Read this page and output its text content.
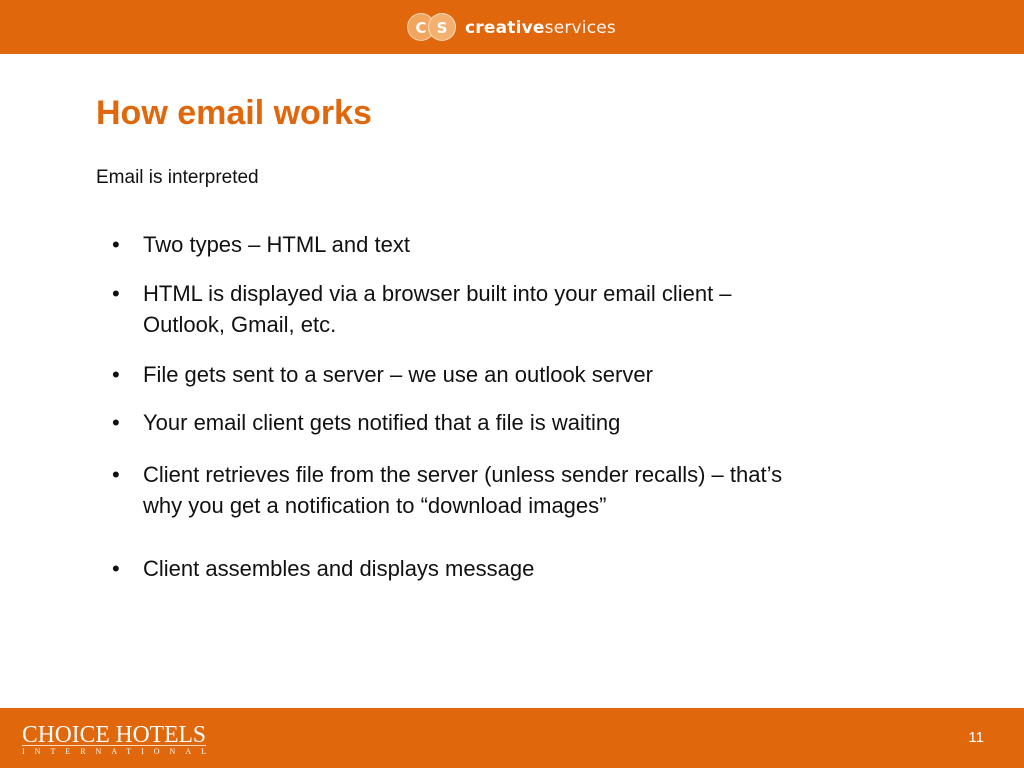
C S	creativeservices
How email works
Email is interpreted
•	Two types – HTML and text
•	HTML is displayed via a browser built into your email client – Outlook, Gmail, etc.
•	File gets sent to a server – we use an outlook server
•	Your email client gets notified that a file is waiting
•	Client retrieves file from the server (unless sender recalls) – that’s why you get a notification to “download images”
•	Client assembles and displays message
CHOICE HOTELS
INTERNATIONAL
11
